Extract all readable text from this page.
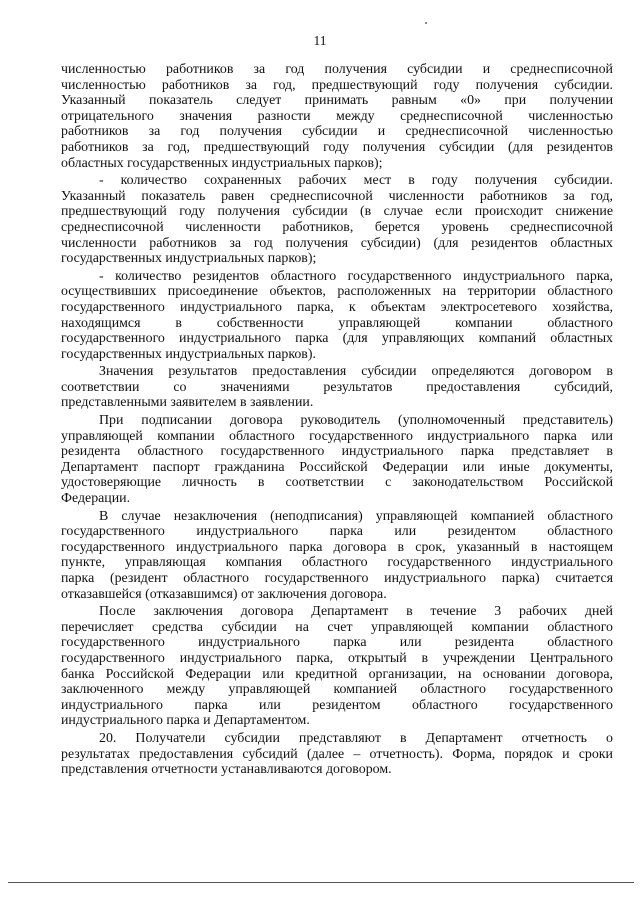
11
численностью работников за год получения субсидии и среднесписочной
численностью работников за год, предшествующий году получения субсидии.
Указанный показатель следует принимать равным «0» при получении
отрицательного значения разности между среднесписочной численностью
работников за год получения субсидии и среднесписочной численностью
работников за год, предшествующий году получения субсидии (для резидентов
областных государственных индустриальных парков);
- количество сохраненных рабочих мест в году получения субсидии.
Указанный показатель равен среднесписочной численности работников за год,
предшествующий году получения субсидии (в случае если происходит снижение
среднесписочной численности работников, берется уровень среднесписочной
численности работников за год получения субсидии) (для резидентов областных
государственных индустриальных парков);
- количество резидентов областного государственного индустриального парка,
осуществивших присоединение объектов, расположенных на территории областного
государственного индустриального парка, к объектам электросетевого хозяйства,
находящимся в собственности управляющей компании областного
государственного индустриального парка (для управляющих компаний областных
государственных индустриальных парков).
Значения результатов предоставления субсидии определяются договором в
соответствии со значениями результатов предоставления субсидий,
представленными заявителем в заявлении.
При подписании договора руководитель (уполномоченный представитель)
управляющей компании областного государственного индустриального парка или
резидента областного государственного индустриального парка представляет в
Департамент паспорт гражданина Российской Федерации или иные документы,
удостоверяющие личность в соответствии с законодательством Российской
Федерации.
В случае незаключения (неподписания) управляющей компанией областного
государственного индустриального парка или резидентом областного
государственного индустриального парка договора в срок, указанный в настоящем
пункте, управляющая компания областного государственного индустриального
парка (резидент областного государственного индустриального парка) считается
отказавшейся (отказавшимся) от заключения договора.
После заключения договора Департамент в течение 3 рабочих дней
перечисляет средства субсидии на счет управляющей компании областного
государственного индустриального парка или резидента областного
государственного индустриального парка, открытый в учреждении Центрального
банка Российской Федерации или кредитной организации, на основании договора,
заключенного между управляющей компанией областного государственного
индустриального парка или резидентом областного государственного
индустриального парка и Департаментом.
20. Получатели субсидии представляют в Департамент отчетность о
результатах предоставления субсидий (далее – отчетность). Форма, порядок и сроки
представления отчетности устанавливаются договором.
